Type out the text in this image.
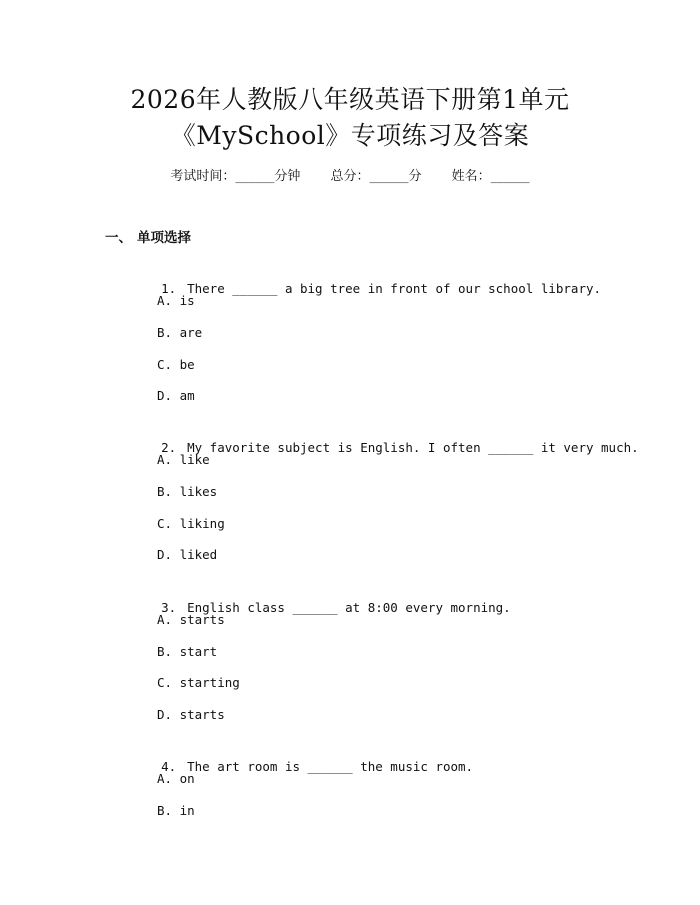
2026年人教版八年级英语下册第1单元
《MySchool》专项练习及答案
考试时间：______分钟 总分：______分 姓名：______
一、 单项选择

1. There ______ a big tree in front of our school library.

A. is
B. are
C. be
D. am

2. My favorite subject is English. I often ______ it very much.

A. like
B. likes
C. liking
D. liked

3. English class ______ at 8:00 every morning.

A. starts
B. start
C. starting
D. starts

4. The art room is ______ the music room.

A. on
B. in
